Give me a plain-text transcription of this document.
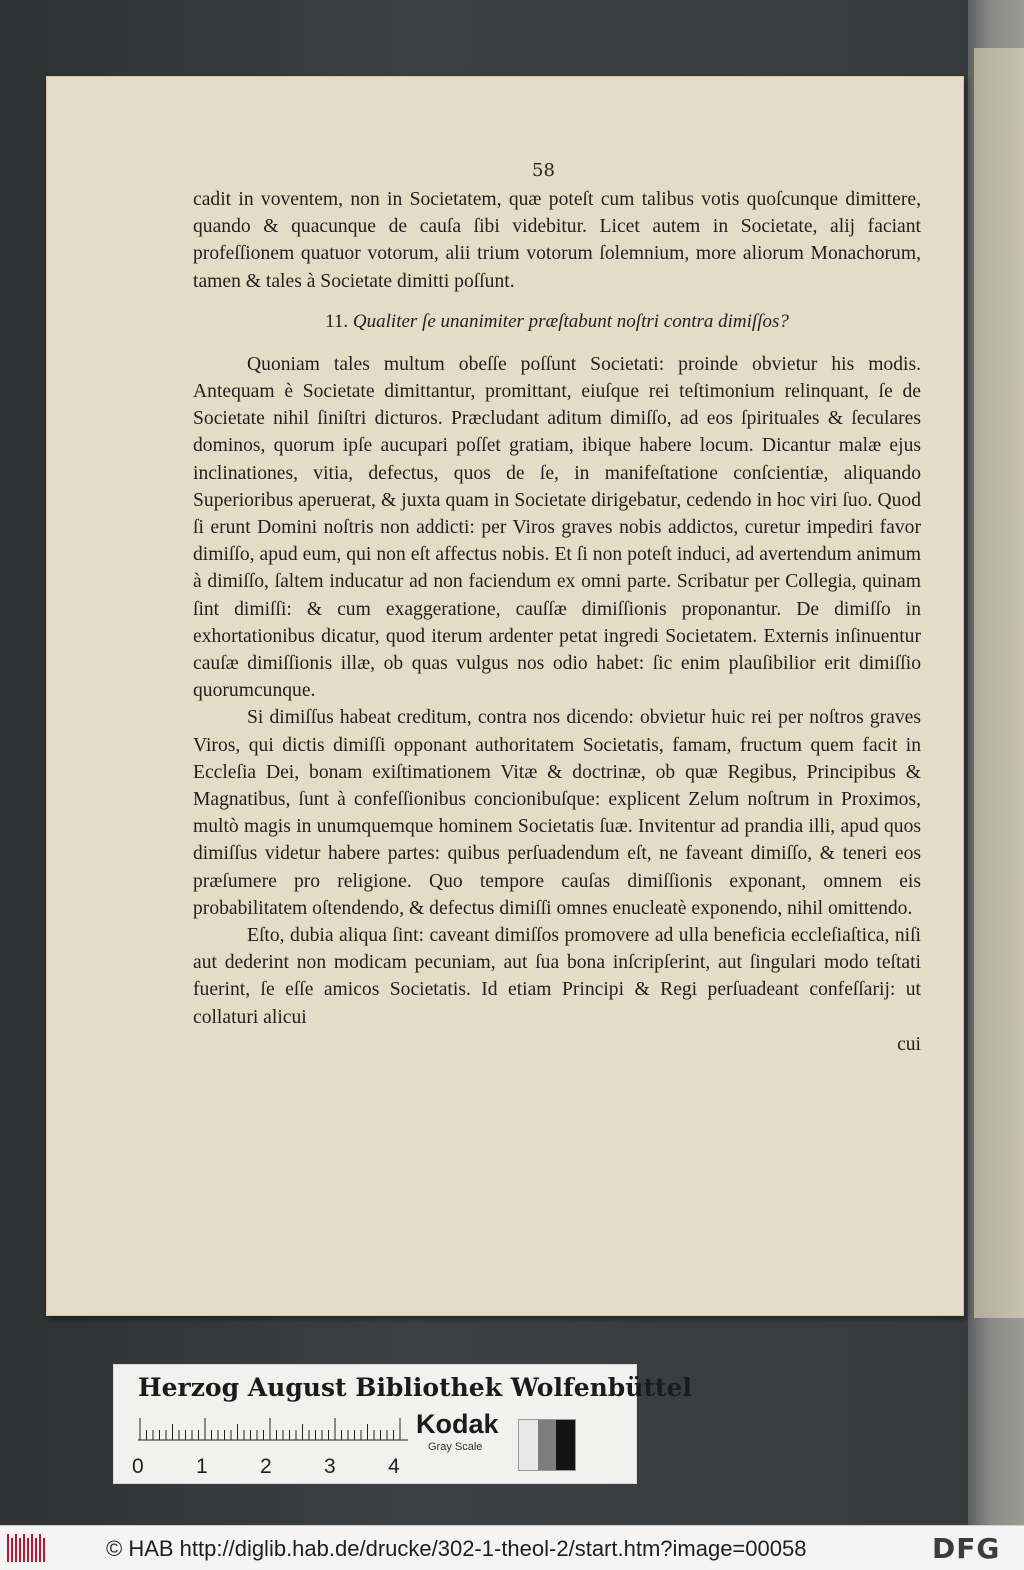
58

cadit in voventem, non in Societatem, quæ poteſt cum talibus votis quoſcunque dimittere, quando & quacunque de cauſa ſibi videbitur. Licet autem in Societate, alij faciant profeſſionem quatuor votorum, alii trium votorum ſolemnium, more aliorum Monachorum, tamen & tales à Societate dimitti poſſunt.

11. Qualiter ſe unanimiter præſtabunt noſtri contra dimiſſos?

Quoniam tales multum obeſſe poſſunt Societati: proinde obvietur his modis. Antequam è Societate dimittantur, promittant, eiuſque rei teſtimonium relinquant, ſe de Societate nihil ſiniſtri dicturos. Præcludant aditum dimiſſo, ad eos ſpirituales & ſeculares dominos, quorum ipſe aucupari poſſet gratiam, ibique habere locum. Dicantur malæ ejus inclinationes, vitia, defectus, quos de ſe, in manifeſtatione conſcientiæ, aliquando Superioribus aperuerat, & juxta quam in Societate dirigebatur, cedendo in hoc viri ſuo. Quod ſi erunt Domini noſtris non addicti: per Viros graves nobis addictos, curetur impediri favor dimiſſo, apud eum, qui non eſt affectus nobis. Et ſi non poteſt induci, ad avertendum animum à dimiſſo, ſaltem inducatur ad non faciendum ex omni parte. Scribatur per Collegia, quinam ſint dimiſſi: & cum exaggeratione, cauſſæ dimiſſionis proponantur. De dimiſſo in exhortationibus dicatur, quod iterum ardenter petat ingredi Societatem. Externis inſinuentur cauſæ dimiſſionis illæ, ob quas vulgus nos odio habet: ſic enim plauſibilior erit dimiſſio quorumcunque.

Si dimiſſus habeat creditum, contra nos dicendo: obvietur huic rei per noſtros graves Viros, qui dictis dimiſſi opponant authoritatem Societatis, famam, fructum quem facit in Eccleſia Dei, bonam exiſtimationem Vitæ & doctrinæ, ob quæ Regibus, Principibus & Magnatibus, ſunt à confeſſionibus concionibuſque: explicent Zelum noſtrum in Proximos, multò magis in unumquemque hominem Societatis ſuæ. Invitentur ad prandia illi, apud quos dimiſſus videtur habere partes: quibus perſuadendum eſt, ne faveant dimiſſo, & teneri eos præſumere pro religione. Quo tempore cauſas dimiſſionis exponant, omnem eis probabilitatem oſtendendo, & defectus dimiſſi omnes enucleatè exponendo, nihil omittendo.

Eſto, dubia aliqua ſint: caveant dimiſſos promovere ad ulla beneficia eccleſiaſtica, niſi aut dederint non modicam pecuniam, aut ſua bona inſcripſerint, aut ſingulari modo teſtati fuerint, ſe eſſe amicos Societatis. Id etiam Principi & Regi perſuadeant confeſſarij: ut collaturi alicui

cui

Herzog August Bibliothek Wolfenbüttel
0 1 2 3 4
Kodak
Gray Scale
© HAB http://diglib.hab.de/drucke/302-1-theol-2/start.htm?image=00058	DFG
